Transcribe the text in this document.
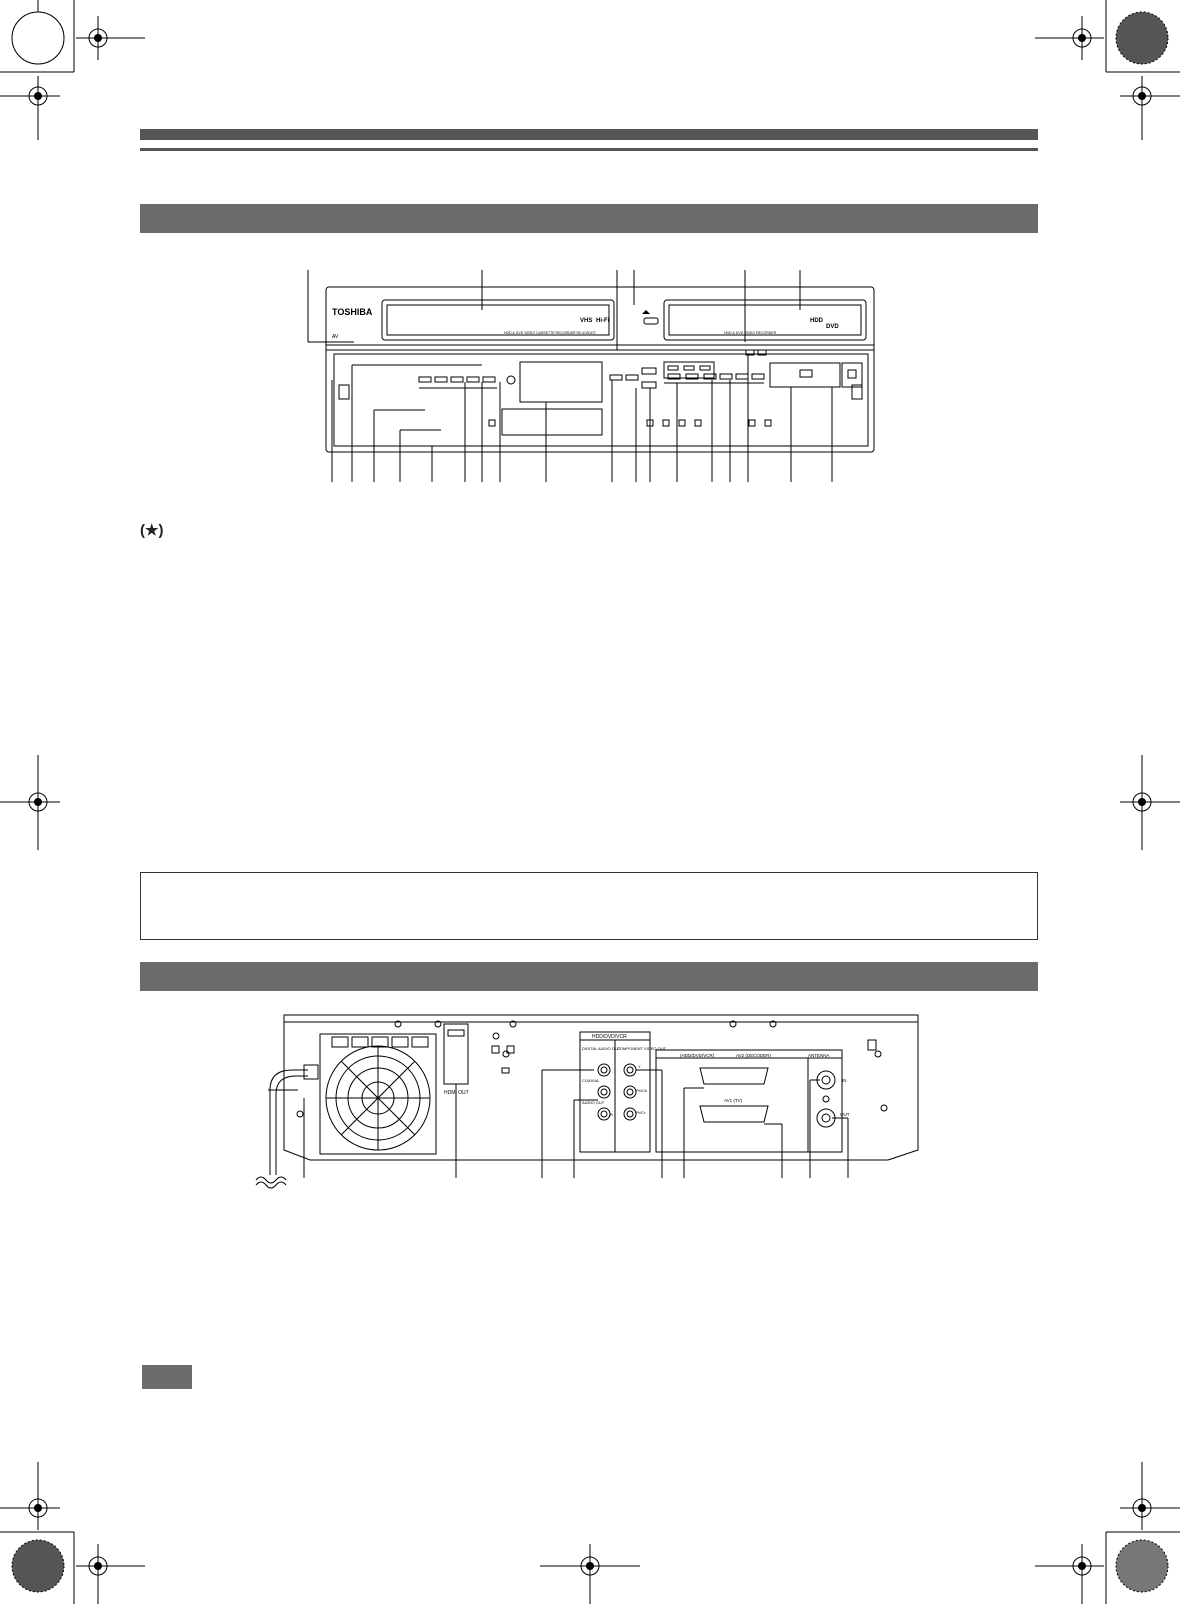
TOSHIBA
AV
HDD & DVD VIDEO CASSETTE RECORDER RD-KV51DT	HDD & DVD VIDEO RECORDER
HDD
DVD
VHS Hi-Fi
(★)
HDMI OUT
HDD/DVD/VCR
DIGITAL AUDIO OUT
COAXIAL
AUDIO OUT
COMPONENT VIDEO OUT
Y
Pb/Cb
Pr/Cr
R
(HDD/DVD/VCR)	AV2 (DECODER)
AV1 (TV)
ANTENNA
IN
OUT
